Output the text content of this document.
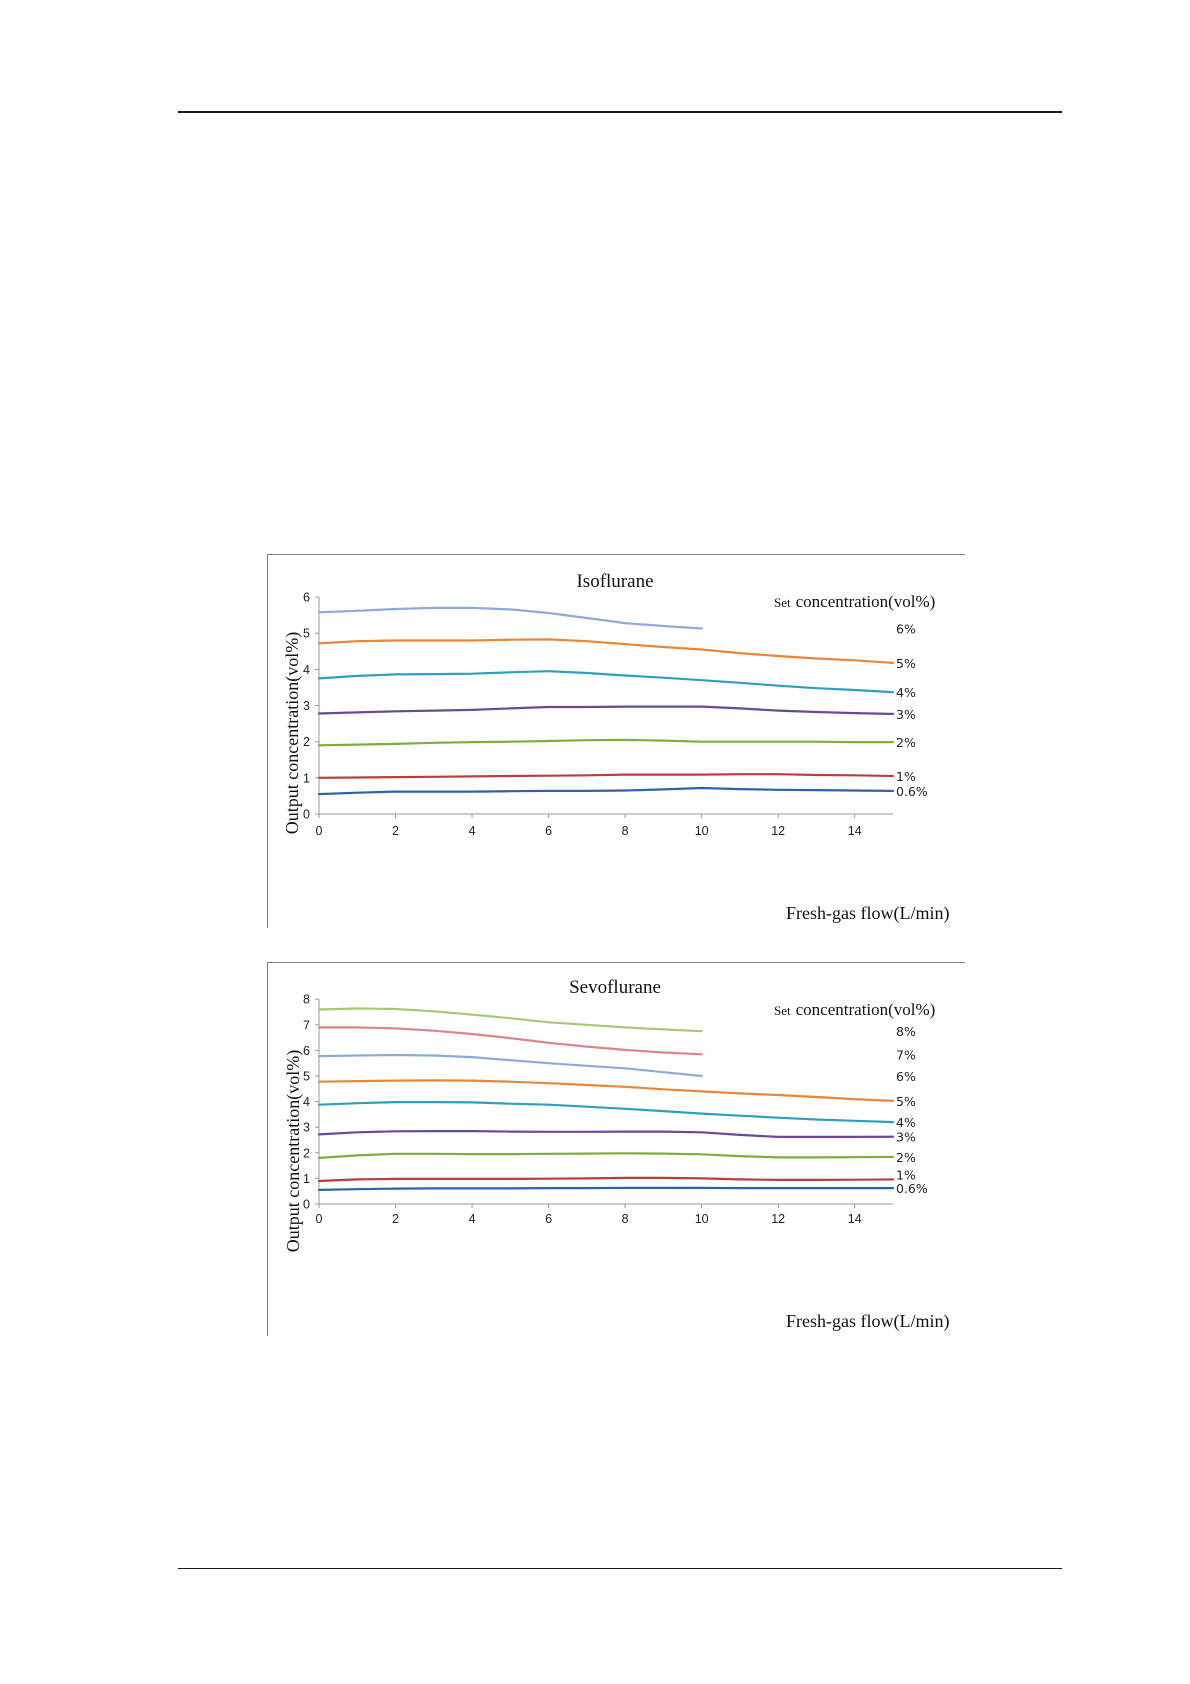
Isoflurane
Set concentration(vol%)
Fresh-gas flow(L/min)
Output concentration(vol%) 0
1
2
3
4
5
6
0	2	4	6	8	10	12	14
0.6%
1%
2%
3%
4%
5%
6%
Sevoflurane
Set concentration(vol%)
Fresh-gas flow(L/min)
Output concentration(vol%) 0
1
2
3
4
5
6
7
8
0	2	4	6	8	10	12	14
0.6%
1%
2%
3%
4%
5%
6%
7%
8%
